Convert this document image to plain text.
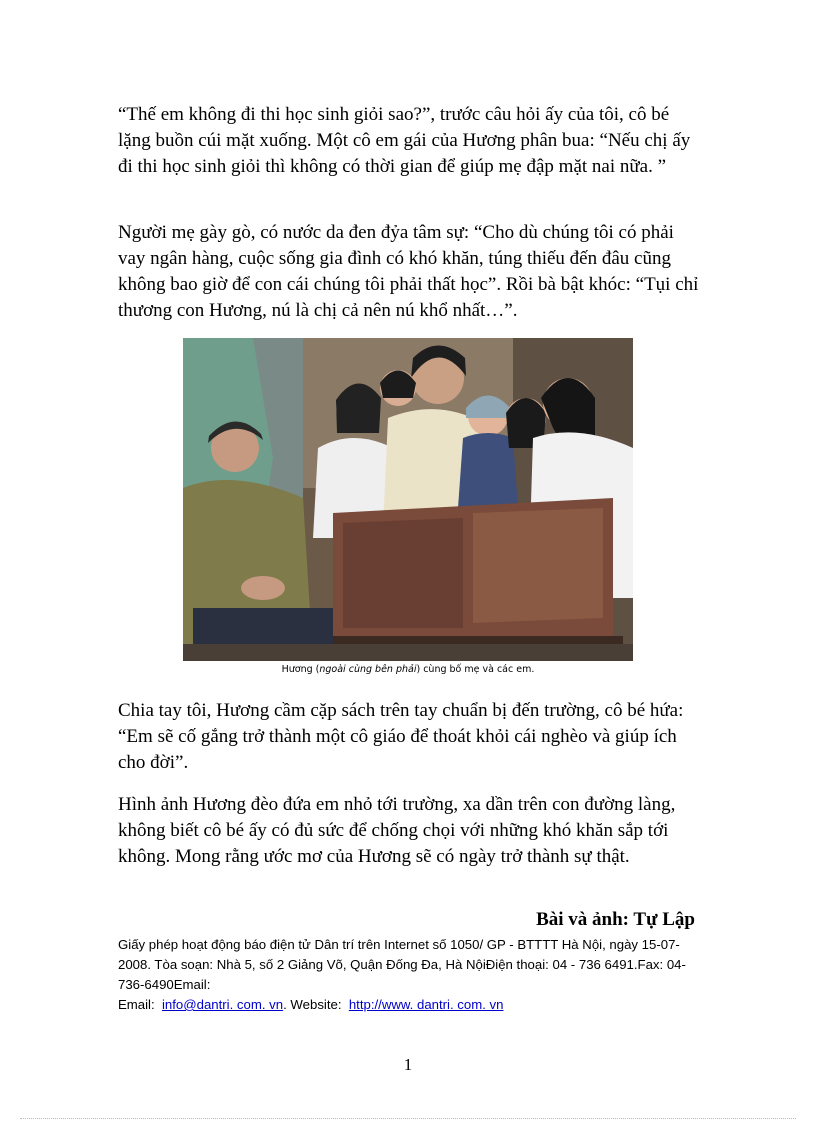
“Thế em không đi thi học sinh giỏi sao?”, trước câu hỏi ấy của tôi, cô bé lặng buồn cúi mặt xuống. Một cô em gái của Hương phân bua: “Nếu chị ấy đi thi học sinh giỏi thì không có thời gian để giúp mẹ đập mặt nai nữa. ”

Người mẹ gày gò, có nước da đen đỷa tâm sự: “Cho dù chúng tôi có phải vay ngân hàng, cuộc sống gia đình có khó khăn, túng thiếu đến đâu cũng không bao giờ để con cái chúng tôi phải thất học”. Rồi bà bật khóc: “Tụi chỉ thương con Hương, nú là chị cả nên nú khổ nhất…”.

Hương (ngoài cùng bên phải) cùng bố mẹ và các em.

Chia tay tôi, Hương cầm cặp sách trên tay chuẩn bị đến trường, cô bé hứa: “Em sẽ cố gắng trở thành một cô giáo để thoát khỏi cái nghèo và giúp ích cho đời”.

Hình ảnh Hương đèo đứa em nhỏ tới trường, xa dần trên con đường làng, không biết cô bé ấy có đủ sức để chống chọi với những khó khăn sắp tới không. Mong rằng ước mơ của Hương sẽ có ngày trở thành sự thật.

Bài và ảnh: Tự Lập
Giấy phép hoạt động báo điện tử Dân trí trên Internet số 1050/ GP - BTTTT Hà Nội, ngày 15-07-2008. Tòa soạn: Nhà 5, số 2 Giảng Võ, Quận Đống Đa, Hà NộiĐiện thoại: 04 - 736 6491.Fax: 04-736-6490Email:
Email: info@dantri. com. vn. Website: http://www. dantri. com. vn
1
